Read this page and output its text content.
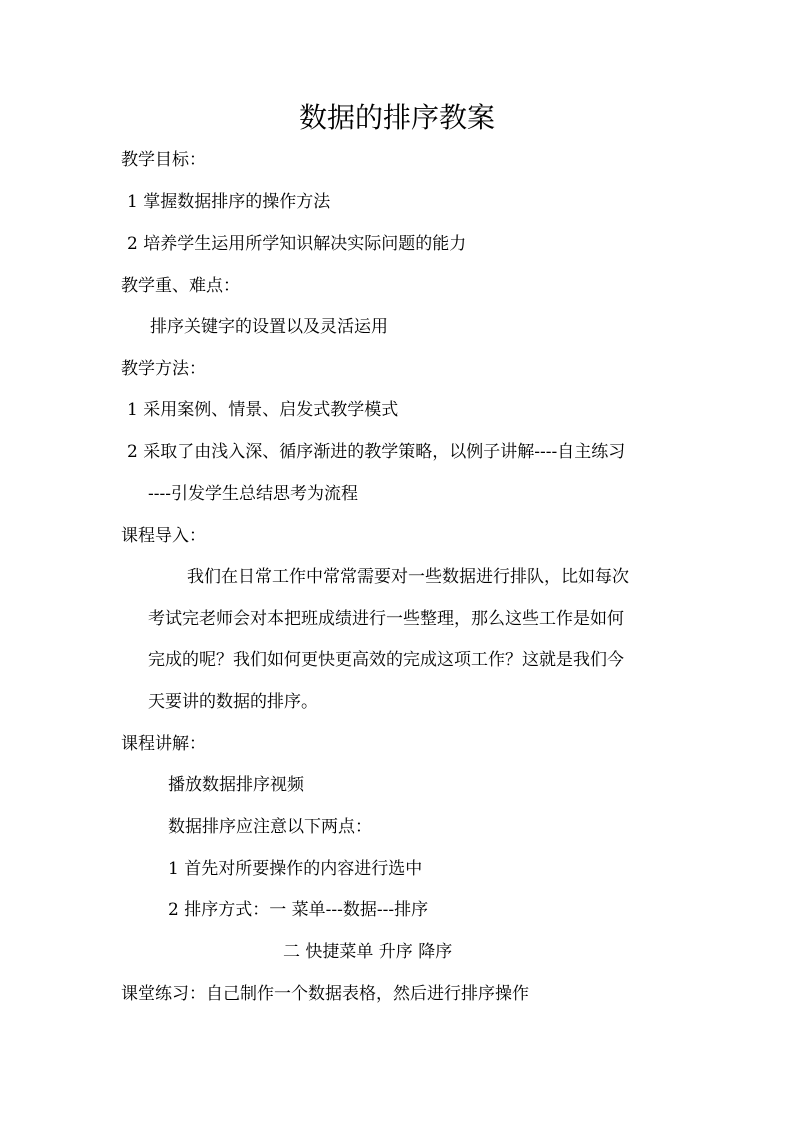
数据的排序教案
教学目标：
1 掌握数据排序的操作方法
2 培养学生运用所学知识解决实际问题的能力
教学重、难点：
排序关键字的设置以及灵活运用
教学方法：
1 采用案例、情景、启发式教学模式
2 采取了由浅入深、循序渐进的教学策略，以例子讲解----自主练习
----引发学生总结思考为流程
课程导入：
我们在日常工作中常常需要对一些数据进行排队，比如每次
考试完老师会对本把班成绩进行一些整理，那么这些工作是如何
完成的呢？我们如何更快更高效的完成这项工作？这就是我们今
天要讲的数据的排序。
课程讲解：
播放数据排序视频
数据排序应注意以下两点：
1 首先对所要操作的内容进行选中
2 排序方式：一 菜单---数据---排序
二 快捷菜单 升序 降序
课堂练习：自己制作一个数据表格，然后进行排序操作
